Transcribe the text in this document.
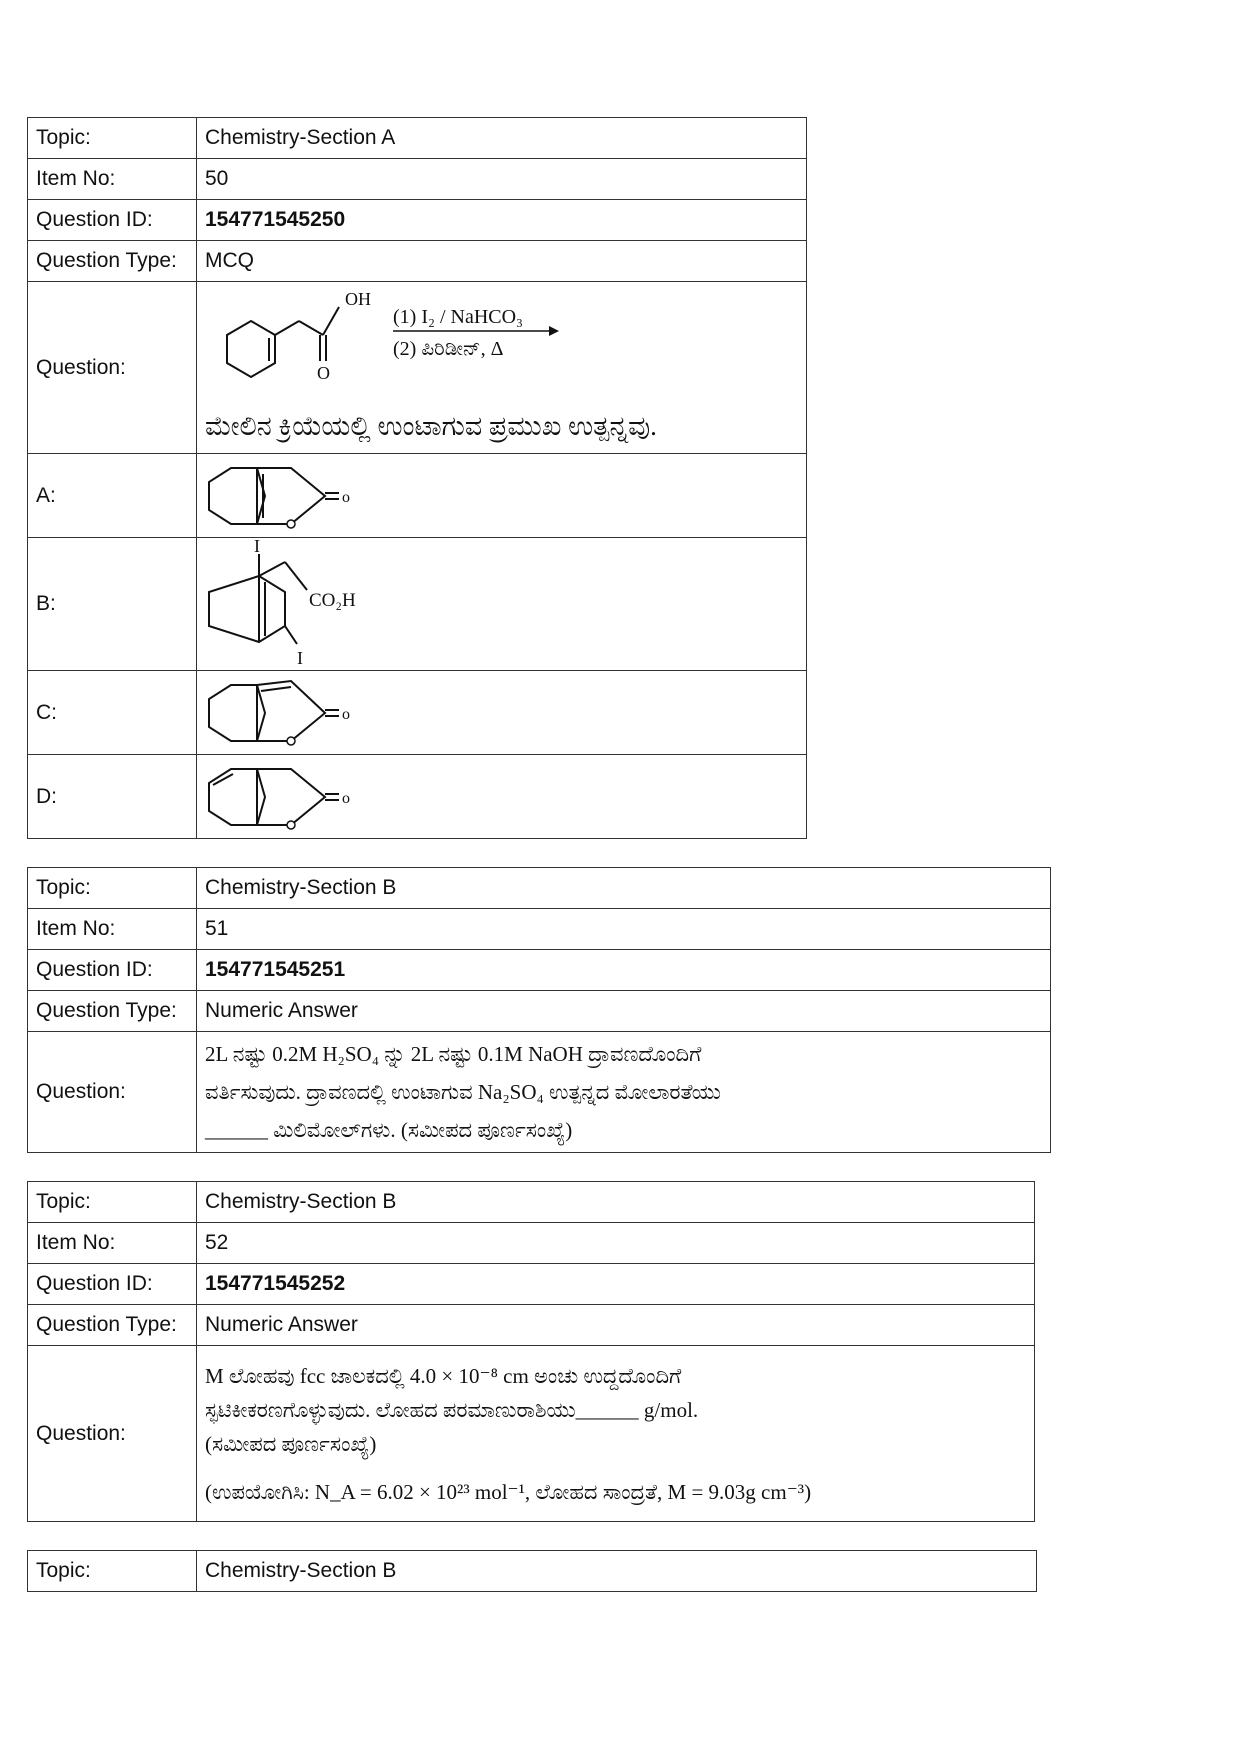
Topic:	Chemistry-Section A
Item No:	50
Question ID:	154771545250
Question Type:	MCQ
Question:	OH
O
(1) I₂ / NaHCO₃
(2) ಪಿರಿಡೀನ್, Δ
ಮೇಲಿನ ಕ್ರಿಯೆಯಲ್ಲಿ ಉಂಟಾಗುವ ಪ್ರಮುಖ ಉತ್ಪನ್ನವು.

A:	o

B:	I
CO₂H
I

C:	o

D:	o
Topic:	Chemistry-Section B
Item No:	51
Question ID:	154771545251
Question Type:	Numeric Answer
Question:	2L ನಷ್ಟು 0.2M H₂SO₄ ನ್ನು 2L ನಷ್ಟು 0.1M NaOH ದ್ರಾವಣದೊಂದಿಗೆ
ವರ್ತಿಸುವುದು. ದ್ರಾವಣದಲ್ಲಿ ಉಂಟಾಗುವ Na₂SO₄ ಉತ್ಪನ್ನದ ಮೋಲಾರತೆಯು
______ ಮಿಲಿಮೋಲ್‌ಗಳು. (ಸಮೀಪದ ಪೂರ್ಣಸಂಖ್ಯೆ)
Topic:	Chemistry-Section B
Item No:	52
Question ID:	154771545252
Question Type:	Numeric Answer
Question:	M ಲೋಹವು fcc ಜಾಲಕದಲ್ಲಿ 4.0 × 10⁻⁸ cm ಅಂಚು ಉದ್ದದೊಂದಿಗೆ
ಸ್ಫಟಿಕೀಕರಣಗೊಳ್ಳುವುದು. ಲೋಹದ ಪರಮಾಣುರಾಶಿಯು______ g/mol.
(ಸಮೀಪದ ಪೂರ್ಣಸಂಖ್ಯೆ)
(ಉಪಯೋಗಿಸಿ: N_A = 6.02 × 10²³ mol⁻¹, ಲೋಹದ ಸಾಂದ್ರತೆ, M = 9.03g cm⁻³)
Topic:	Chemistry-Section B
